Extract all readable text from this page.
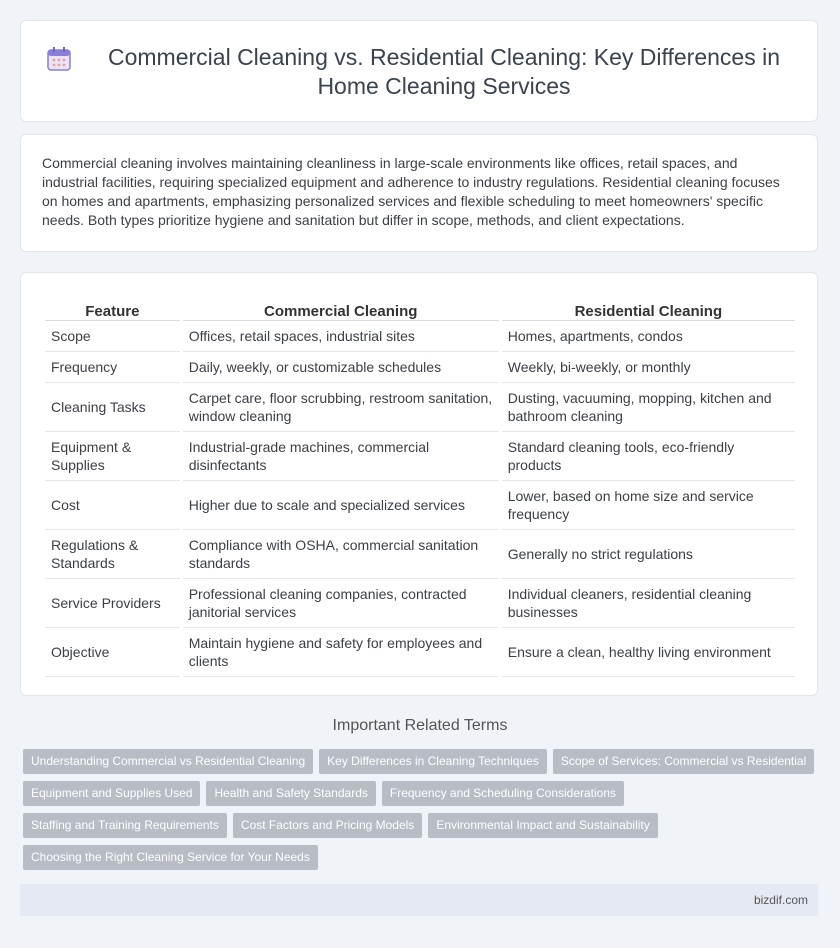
Commercial Cleaning vs. Residential Cleaning: Key Differences in Home Cleaning Services

Commercial cleaning involves maintaining cleanliness in large-scale environments like offices, retail spaces, and industrial facilities, requiring specialized equipment and adherence to industry regulations. Residential cleaning focuses on homes and apartments, emphasizing personalized services and flexible scheduling to meet homeowners' specific needs. Both types prioritize hygiene and sanitation but differ in scope, methods, and client expectations.

Feature	Commercial Cleaning	Residential Cleaning
Scope	Offices, retail spaces, industrial sites	Homes, apartments, condos
Frequency	Daily, weekly, or customizable schedules	Weekly, bi-weekly, or monthly
Cleaning Tasks	Carpet care, floor scrubbing, restroom sanitation, window cleaning	Dusting, vacuuming, mopping, kitchen and bathroom cleaning
Equipment & Supplies	Industrial-grade machines, commercial disinfectants	Standard cleaning tools, eco-friendly products
Cost	Higher due to scale and specialized services	Lower, based on home size and service frequency
Regulations & Standards	Compliance with OSHA, commercial sanitation standards	Generally no strict regulations
Service Providers	Professional cleaning companies, contracted janitorial services	Individual cleaners, residential cleaning businesses
Objective	Maintain hygiene and safety for employees and clients	Ensure a clean, healthy living environment
Important Related Terms
Understanding Commercial vs Residential Cleaning Key Differences in Cleaning Techniques Scope of Services: Commercial vs Residential
Equipment and Supplies Used Health and Safety Standards Frequency and Scheduling Considerations
Staffing and Training Requirements Cost Factors and Pricing Models Environmental Impact and Sustainability
Choosing the Right Cleaning Service for Your Needs
bizdif.com
